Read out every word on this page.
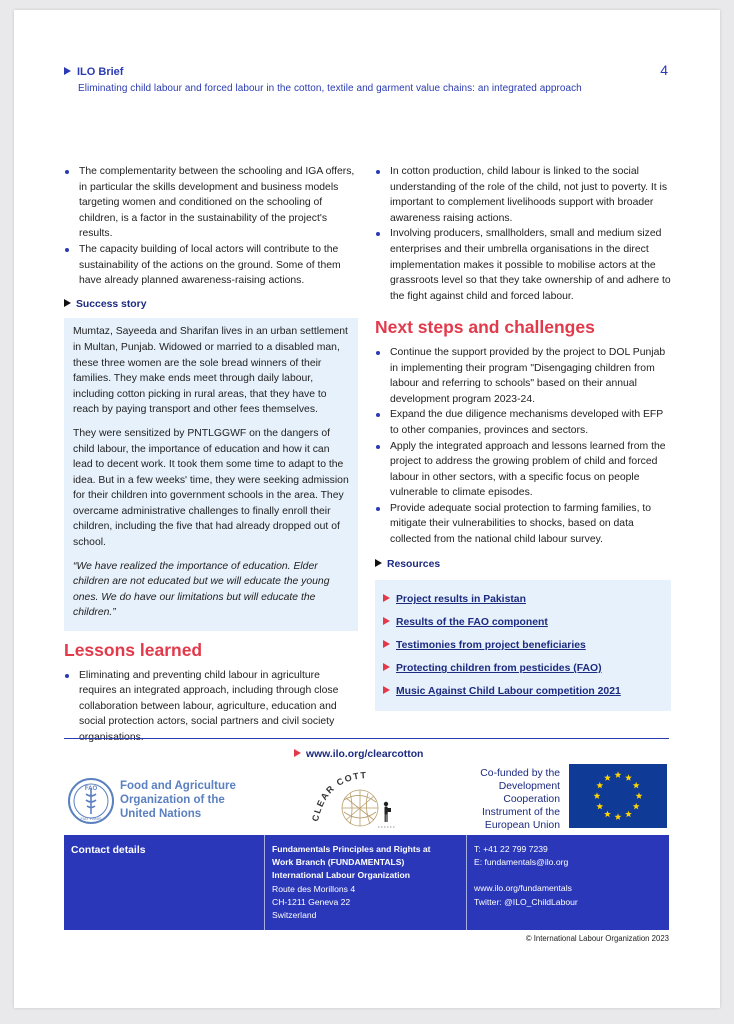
ILO Brief
Eliminating child labour and forced labour in the cotton, textile and garment value chains: an integrated approach
4
The complementarity between the schooling and IGA offers, in particular the skills development and business models targeting women and conditioned on the schooling of children, is a factor in the sustainability of the project's results.
The capacity building of local actors will contribute to the sustainability of the actions on the ground. Some of them have already planned awareness-raising actions.
Success story

Mumtaz, Sayeeda and Sharifan lives in an urban settlement in Multan, Punjab. Widowed or married to a disabled man, these three women are the sole bread winners of their families. They make ends meet through daily labour, including cotton picking in rural areas, that they have to reach by paying transport and other fees themselves.

They were sensitized by PNTLGGWF on the dangers of child labour, the importance of education and how it can lead to decent work. It took them some time to adapt to the idea. But in a few weeks' time, they were seeking admission for their children into government schools in the area. They overcame administrative challenges to finally enroll their children, including the five that had already dropped out of school.

“We have realized the importance of education. Elder children are not educated but we will educate the young ones. We do have our limitations but will educate the children.”

Lessons learned
Eliminating and preventing child labour in agriculture requires an integrated approach, including through close collaboration between labour, agriculture, education and social protection actors, social partners and civil society
In cotton production, child labour is linked to the social understanding of the role of the child, not just to poverty. It is important to complement livelihoods support with broader awareness raising actions.
Involving producers, smallholders, small and medium sized enterprises and their umbrella organisations in the direct implementation makes it possible to mobilise actors at the grassroots level so that they take ownership of and adhere to the fight against child and forced labour.
Next steps and challenges
Continue the support provided by the project to DOL Punjab in implementing their program "Disengaging children from labour and referring to schools" based on their annual development program 2023-24.
Expand the due diligence mechanisms developed with EFP to other companies, provinces and sectors.
Apply the integrated approach and lessons learned from the project to address the growing problem of child and forced labour in other sectors, with a specific focus on people vulnerable to climate episodes.
Provide adequate social protection to farming families, to mitigate their vulnerabilities to shocks, based on data collected from the national child labour survey.
Resources
Project results in Pakistan
Results of the FAO component
Testimonies from project beneficiaries
Protecting children from pesticides (FAO)
Music Against Child Labour competition 2021
www.ilo.org/clearcotton
FAO
FIAT PANIS
Food and Agriculture
Organization of the
United Nations	CLEAR COTT	Co-funded by the
Development
Cooperation
Instrument of the
European Union
Contact details	Fundamentals Principles and Rights at
Work Branch (FUNDAMENTALS)
International Labour Organization
Route des Morillons 4
CH-1211 Geneva 22
Switzerland
T: +41 22 799 7239
E: fundamentals@ilo.org
www.ilo.org/fundamentals
Twitter: @ILO_ChildLabour
© International Labour Organization 2023
